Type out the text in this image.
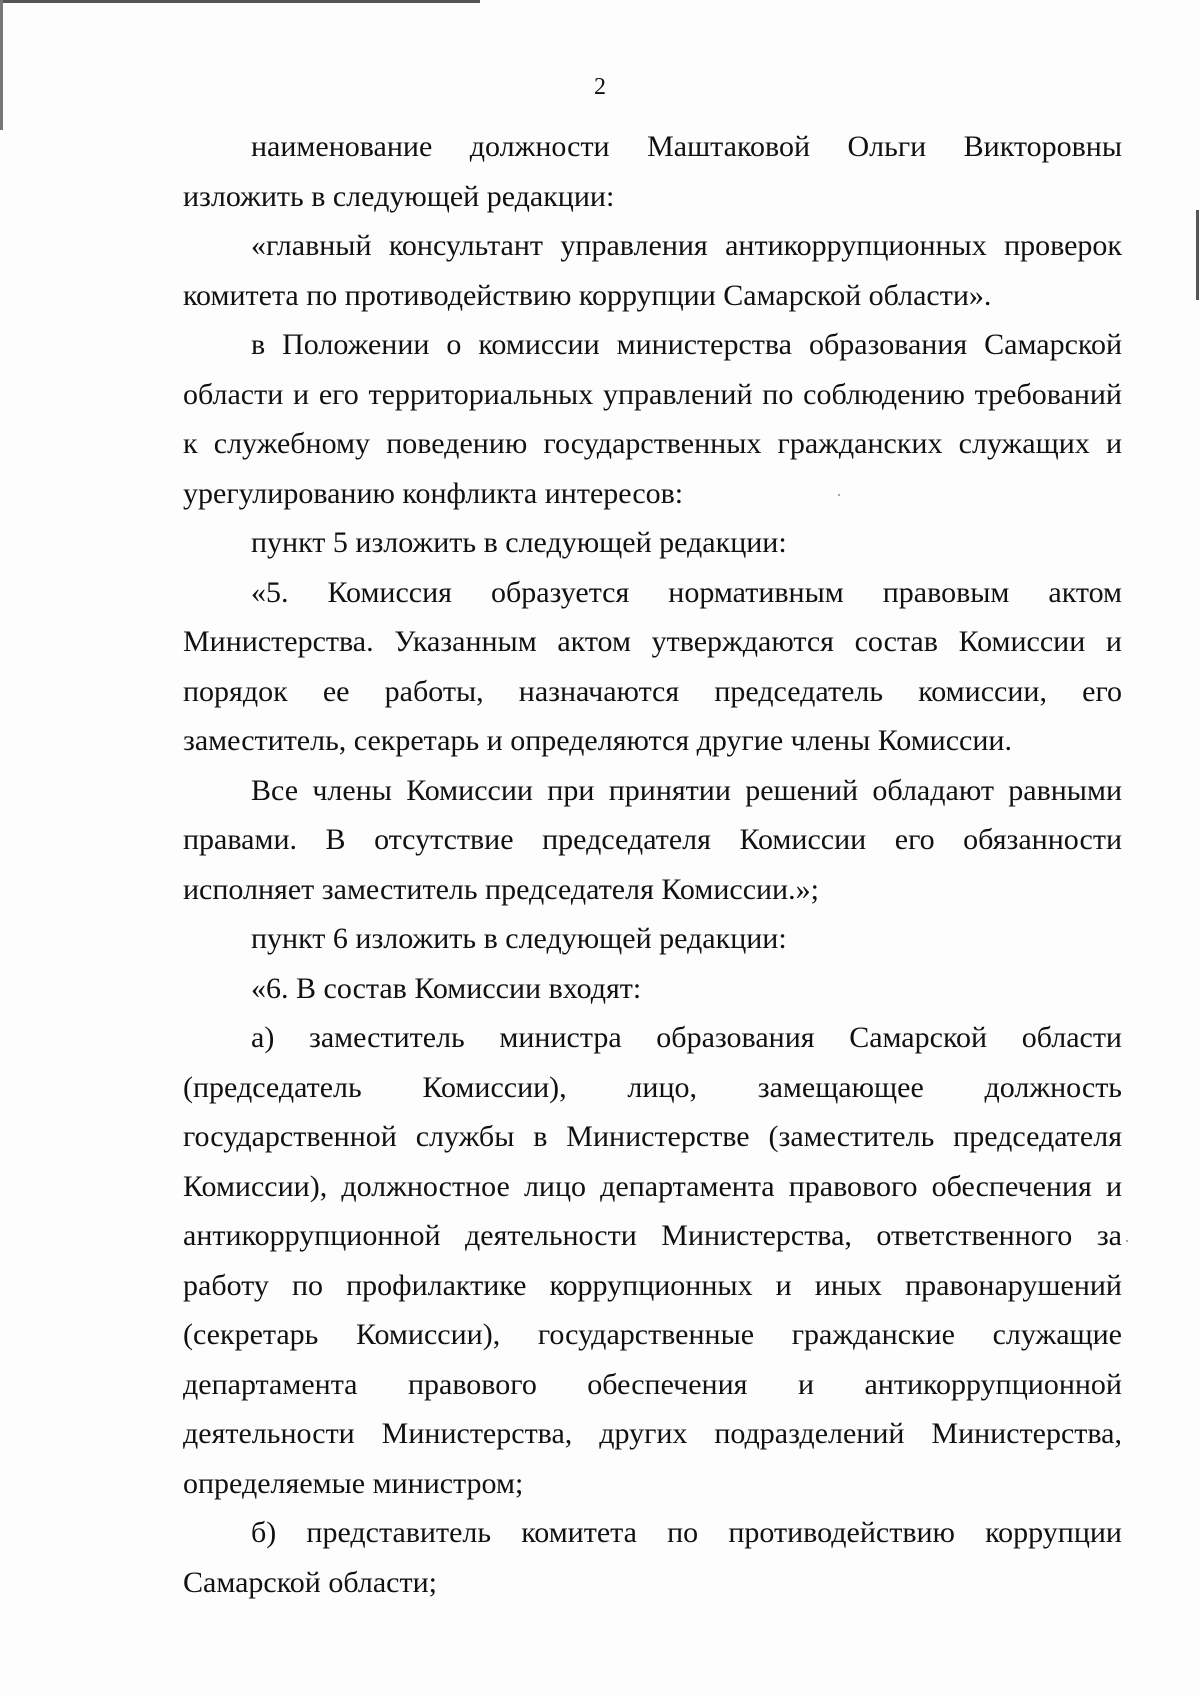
2

наименование должности Маштаковой Ольги Викторовны изложить в следующей редакции:

«главный консультант управления антикоррупционных проверок комитета по противодействию коррупции Самарской области».

в Положении о комиссии министерства образования Самарской области и его территориальных управлений по соблюдению требований к служебному поведению государственных гражданских служащих и урегулированию конфликта интересов:

пункт 5 изложить в следующей редакции:

«5. Комиссия образуется нормативным правовым актом Министерства. Указанным актом утверждаются состав Комиссии и порядок ее работы, назначаются председатель комиссии, его заместитель, секретарь и определяются другие члены Комиссии.

Все члены Комиссии при принятии решений обладают равными правами. В отсутствие председателя Комиссии его обязанности исполняет заместитель председателя Комиссии.»;

пункт 6 изложить в следующей редакции:

«6. В состав Комиссии входят:

а) заместитель министра образования Самарской области (председатель Комиссии), лицо, замещающее должность государственной службы в Министерстве (заместитель председателя Комиссии), должностное лицо департамента правового обеспечения и антикоррупционной деятельности Министерства, ответственного за работу по профилактике коррупционных и иных правонарушений (секретарь Комиссии), государственные гражданские служащие департамента правового обеспечения и антикоррупционной деятельности Министерства, других подразделений Министерства, определяемые министром;

б) представитель комитета по противодействию коррупции Самарской области;
